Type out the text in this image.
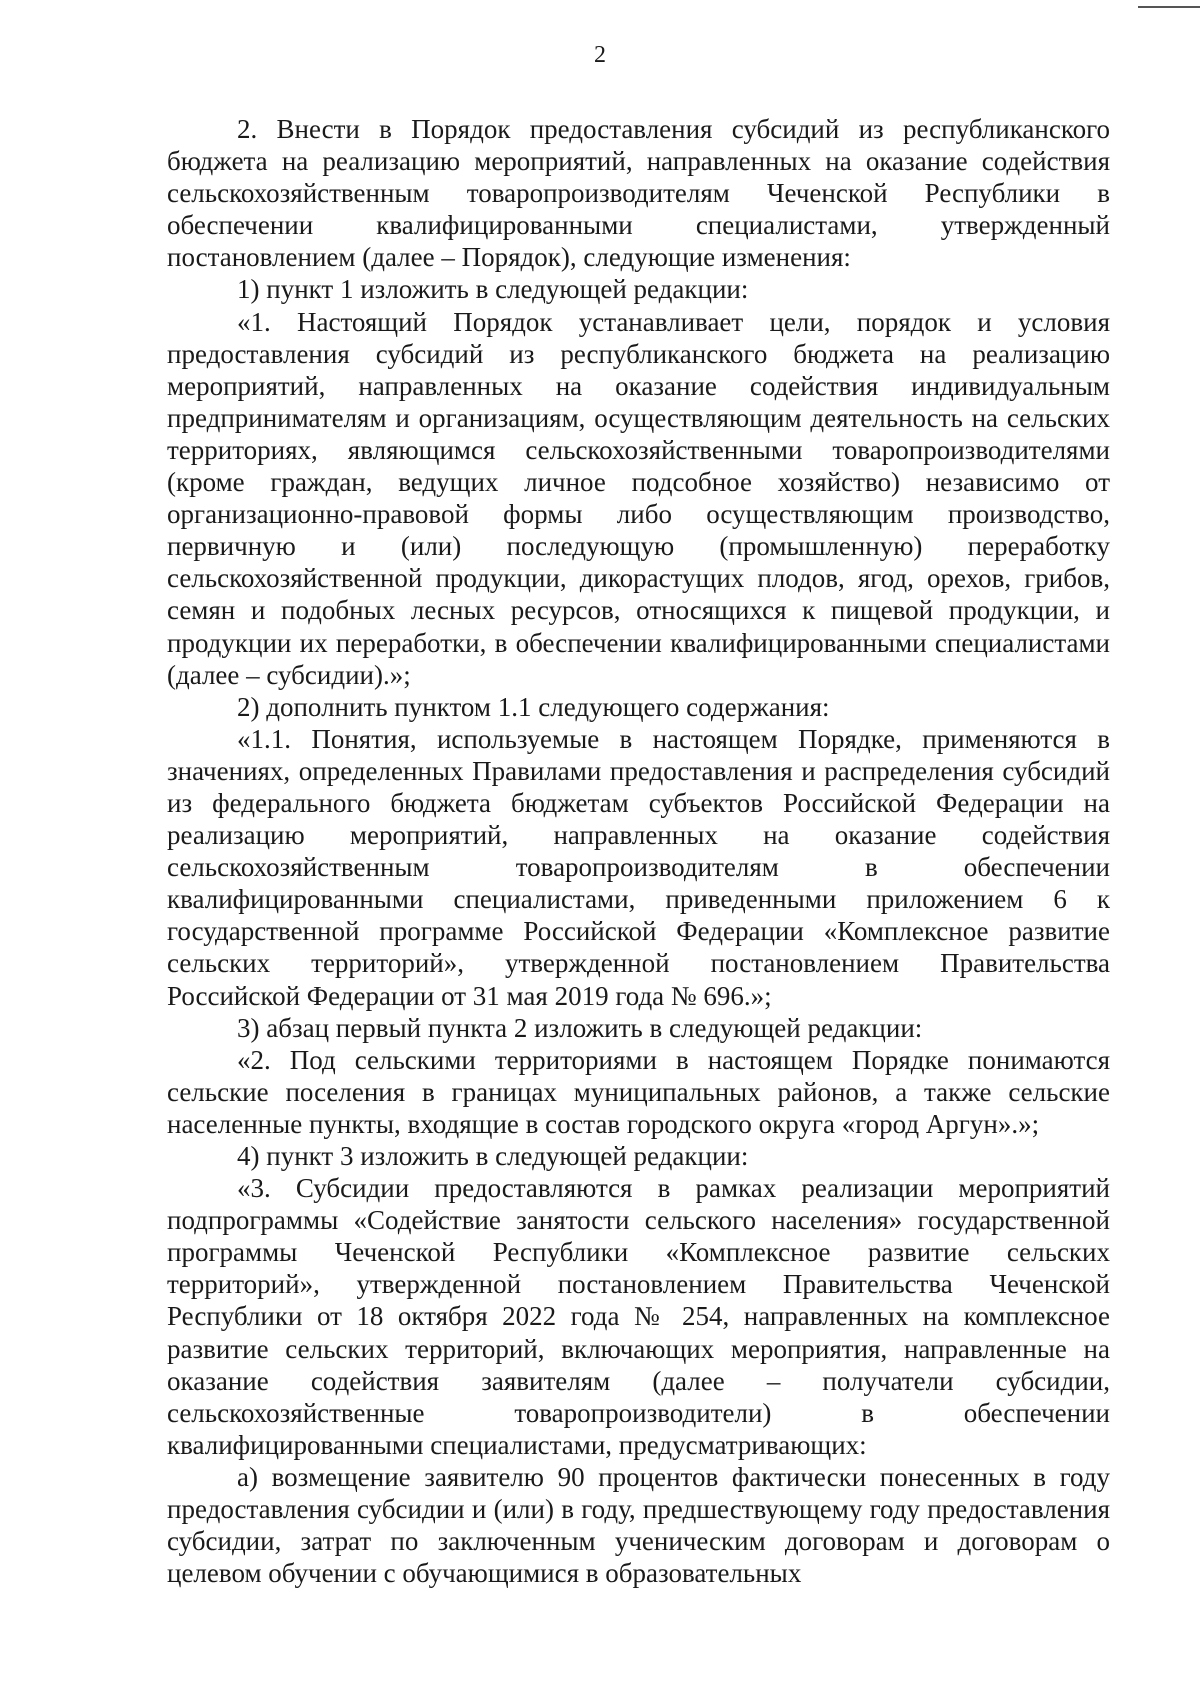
2

2. Внести в Порядок предоставления субсидий из республиканского бюджета на реализацию мероприятий, направленных на оказание содействия сельскохозяйственным товаропроизводителям Чеченской Республики в обеспечении квалифицированными специалистами, утвержденный постановлением (далее – Порядок), следующие изменения:

1) пункт 1 изложить в следующей редакции:

«1. Настоящий Порядок устанавливает цели, порядок и условия предоставления субсидий из республиканского бюджета на реализацию мероприятий, направленных на оказание содействия индивидуальным предпринимателям и организациям, осуществляющим деятельность на сельских территориях, являющимся сельскохозяйственными товаропроизводителями (кроме граждан, ведущих личное подсобное хозяйство) независимо от организационно-правовой формы либо осуществляющим производство, первичную и (или) последующую (промышленную) переработку сельскохозяйственной продукции, дикорастущих плодов, ягод, орехов, грибов, семян и подобных лесных ресурсов, относящихся к пищевой продукции, и продукции их переработки, в обеспечении квалифицированными специалистами (далее – субсидии).»;

2) дополнить пунктом 1.1 следующего содержания:

«1.1. Понятия, используемые в настоящем Порядке, применяются в значениях, определенных Правилами предоставления и распределения субсидий из федерального бюджета бюджетам субъектов Российской Федерации на реализацию мероприятий, направленных на оказание содействия сельскохозяйственным товаропроизводителям в обеспечении квалифицированными специалистами, приведенными приложением 6 к государственной программе Российской Федерации «Комплексное развитие сельских территорий», утвержденной постановлением Правительства Российской Федерации от 31 мая 2019 года № 696.»;

3) абзац первый пункта 2 изложить в следующей редакции:

«2. Под сельскими территориями в настоящем Порядке понимаются сельские поселения в границах муниципальных районов, а также сельские населенные пункты, входящие в состав городского округа «город Аргун».»;

4) пункт 3 изложить в следующей редакции:

«3. Субсидии предоставляются в рамках реализации мероприятий подпрограммы «Содействие занятости сельского населения» государственной программы Чеченской Республики «Комплексное развитие сельских территорий», утвержденной постановлением Правительства Чеченской Республики от 18 октября 2022 года № 254, направленных на комплексное развитие сельских территорий, включающих мероприятия, направленные на оказание содействия заявителям (далее – получатели субсидии, сельскохозяйственные товаропроизводители) в обеспечении квалифицированными специалистами, предусматривающих:

а) возмещение заявителю 90 процентов фактически понесенных в году предоставления субсидии и (или) в году, предшествующему году предоставления субсидии, затрат по заключенным ученическим договорам и договорам о целевом обучении с обучающимися в образовательных
